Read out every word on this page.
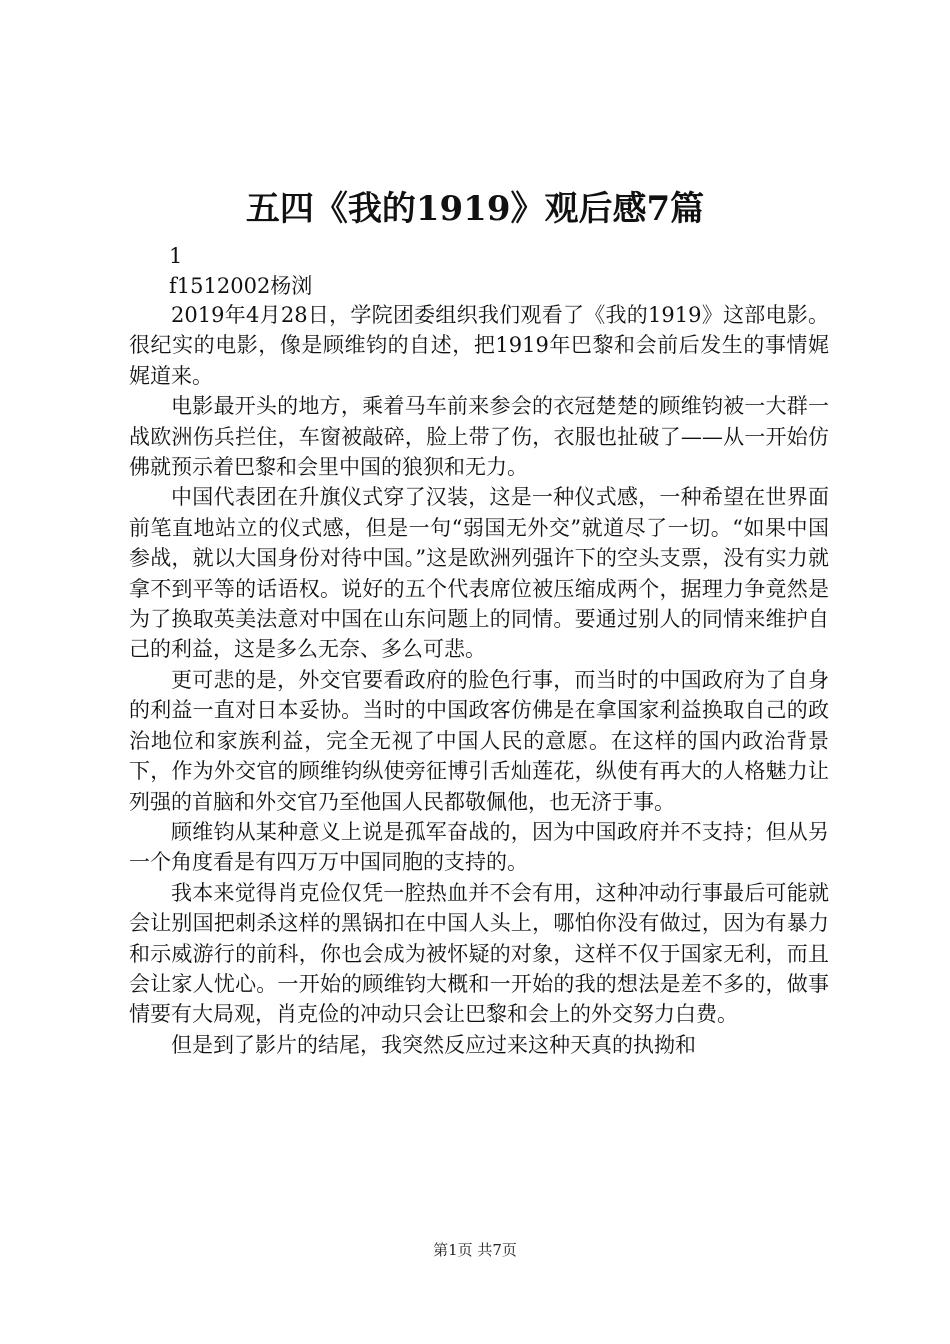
五四《我的1919》观后感7篇
1
f1512002杨浏

2019年4月28日，学院团委组织我们观看了《我的1919》这部电影。很纪实的电影，像是顾维钧的自述，把1919年巴黎和会前后发生的事情娓娓道来。

电影最开头的地方，乘着马车前来参会的衣冠楚楚的顾维钧被一大群一战欧洲伤兵拦住，车窗被敲碎，脸上带了伤，衣服也扯破了——从一开始仿佛就预示着巴黎和会里中国的狼狈和无力。

中国代表团在升旗仪式穿了汉装，这是一种仪式感，一种希望在世界面前笔直地站立的仪式感，但是一句“弱国无外交”就道尽了一切。“如果中国参战，就以大国身份对待中国。”这是欧洲列强许下的空头支票，没有实力就拿不到平等的话语权。说好的五个代表席位被压缩成两个，据理力争竟然是为了换取英美法意对中国在山东问题上的同情。要通过别人的同情来维护自己的利益，这是多么无奈、多么可悲。

更可悲的是，外交官要看政府的脸色行事，而当时的中国政府为了自身的利益一直对日本妥协。当时的中国政客仿佛是在拿国家利益换取自己的政治地位和家族利益，完全无视了中国人民的意愿。在这样的国内政治背景下，作为外交官的顾维钧纵使旁征博引舌灿莲花，纵使有再大的人格魅力让列强的首脑和外交官乃至他国人民都敬佩他，也无济于事。

顾维钧从某种意义上说是孤军奋战的，因为中国政府并不支持；但从另一个角度看是有四万万中国同胞的支持的。

我本来觉得肖克俭仅凭一腔热血并不会有用，这种冲动行事最后可能就会让别国把刺杀这样的黑锅扣在中国人头上，哪怕你没有做过，因为有暴力和示威游行的前科，你也会成为被怀疑的对象，这样不仅于国家无利，而且会让家人忧心。一开始的顾维钧大概和一开始的我的想法是差不多的，做事情要有大局观，肖克俭的冲动只会让巴黎和会上的外交努力白费。

但是到了影片的结尾，我突然反应过来这种天真的执拗和

第1页 共7页
